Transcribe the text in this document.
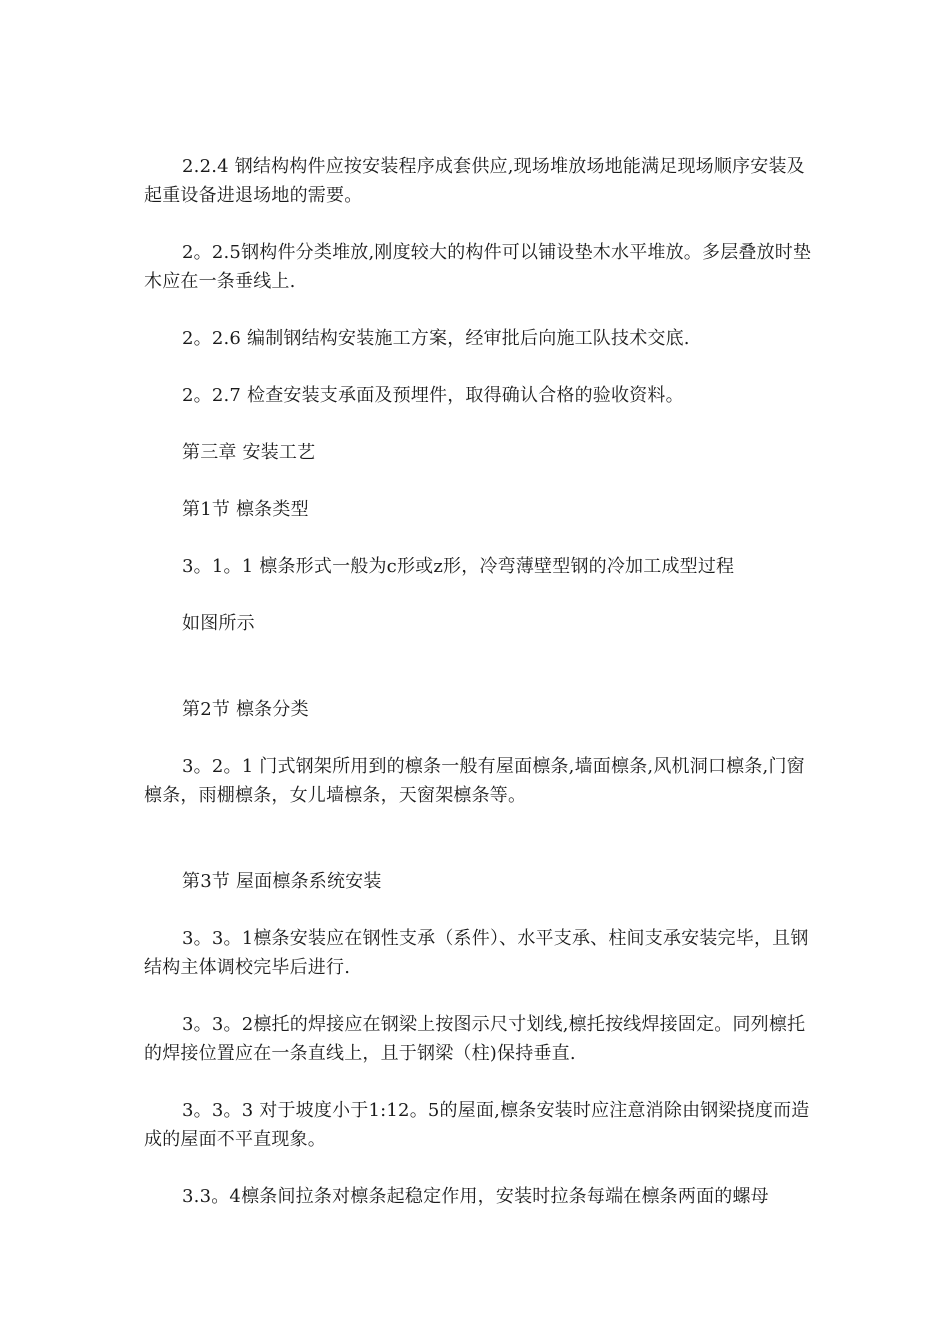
2.2.4 钢结构构件应按安装程序成套供应,现场堆放场地能满足现场顺序安装及起重设备进退场地的需要。

2。2.5钢构件分类堆放,刚度较大的构件可以铺设垫木水平堆放。多层叠放时垫木应在一条垂线上.

2。2.6 编制钢结构安装施工方案，经审批后向施工队技术交底.

2。2.7 检查安装支承面及预埋件，取得确认合格的验收资料。

第三章 安装工艺

第1节 檩条类型

3。1。1 檩条形式一般为c形或z形，冷弯薄壁型钢的冷加工成型过程

如图所示

第2节 檩条分类

3。2。1 门式钢架所用到的檩条一般有屋面檩条,墙面檩条,风机洞口檩条,门窗檩条，雨棚檩条，女儿墙檩条，天窗架檩条等。

第3节 屋面檩条系统安装

3。3。1檩条安装应在钢性支承（系件）、水平支承、柱间支承安装完毕，且钢结构主体调校完毕后进行.

3。3。2檩托的焊接应在钢梁上按图示尺寸划线,檩托按线焊接固定。同列檩托的焊接位置应在一条直线上，且于钢梁（柱)保持垂直.

3。3。3 对于坡度小于1:12。5的屋面,檩条安装时应注意消除由钢梁挠度而造成的屋面不平直现象。

3.3。4檩条间拉条对檩条起稳定作用，安装时拉条每端在檩条两面的螺母
